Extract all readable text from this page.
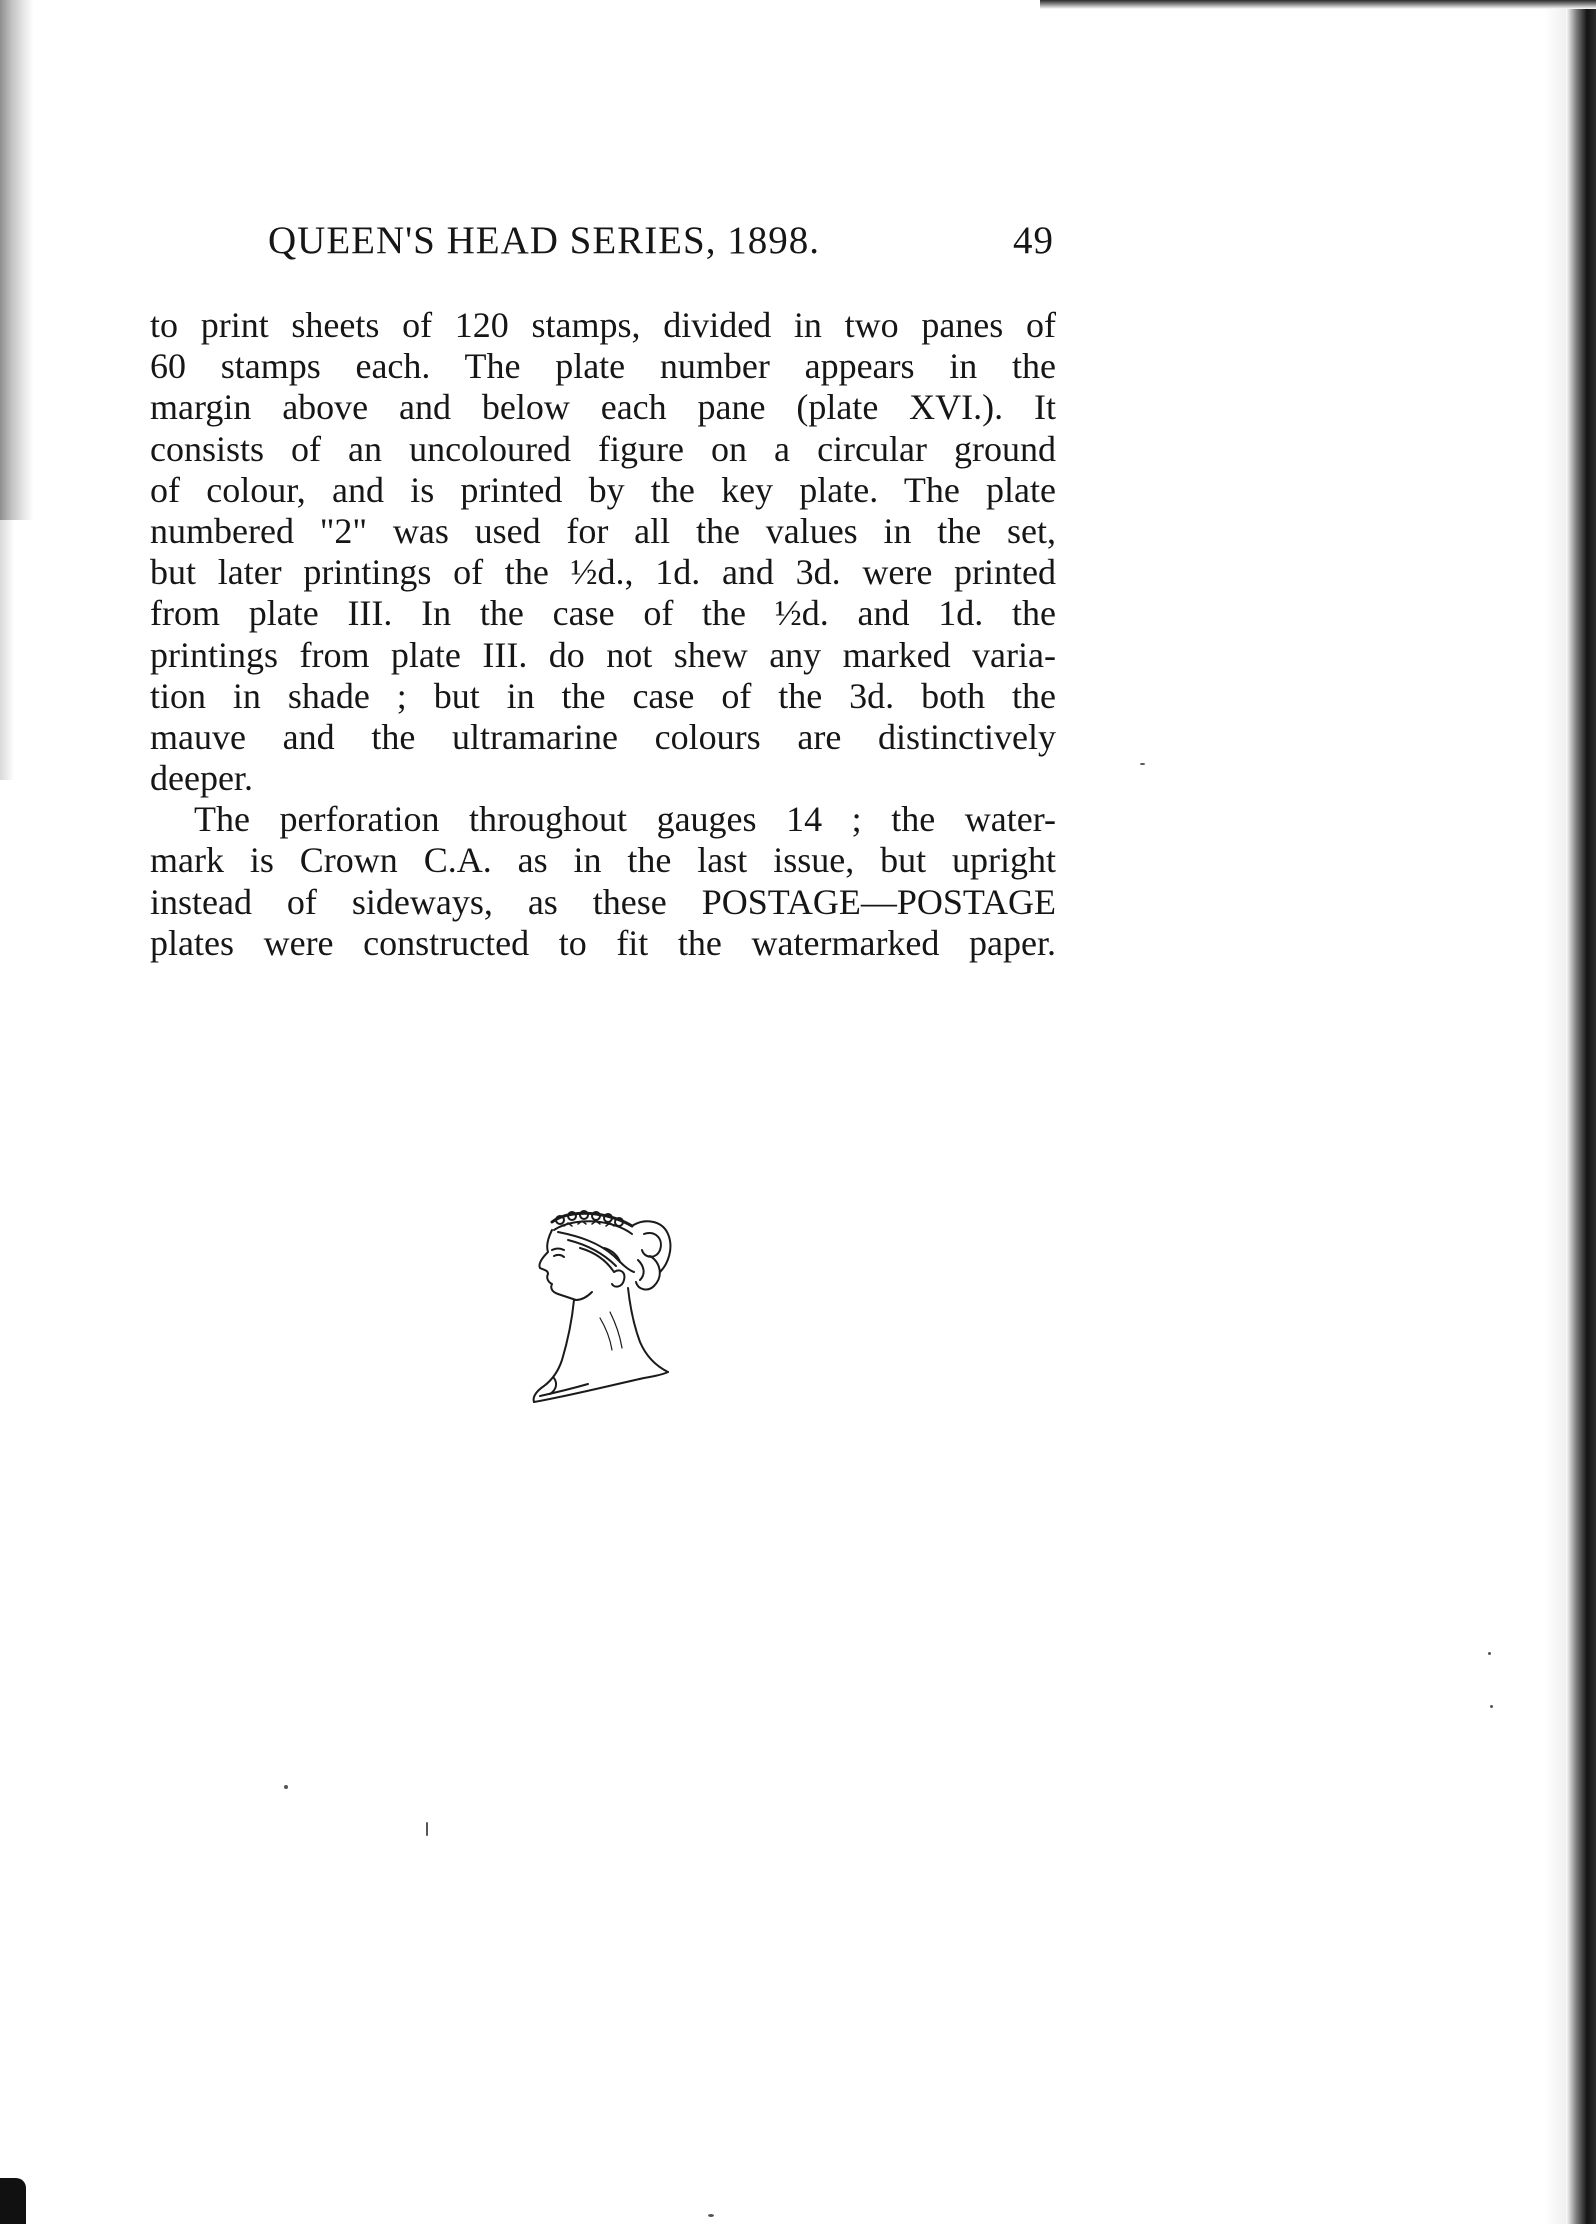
QUEEN'S HEAD SERIES, 1898.	49
to print sheets of 120 stamps, divided in two panes of
60 stamps each. The plate number appears in the
margin above and below each pane (plate XVI.). It
consists of an uncoloured figure on a circular ground
of colour, and is printed by the key plate. The plate
numbered "2" was used for all the values in the set,
but later printings of the ½d., 1d. and 3d. were printed
from plate III. In the case of the ½d. and 1d. the
printings from plate III. do not shew any marked varia-
tion in shade ; but in the case of the 3d. both the
mauve and the ultramarine colours are distinctively
deeper.
The perforation throughout gauges 14 ; the water-
mark is Crown C.A. as in the last issue, but upright
instead of sideways, as these POSTAGE—POSTAGE
plates were constructed to fit the watermarked paper.
